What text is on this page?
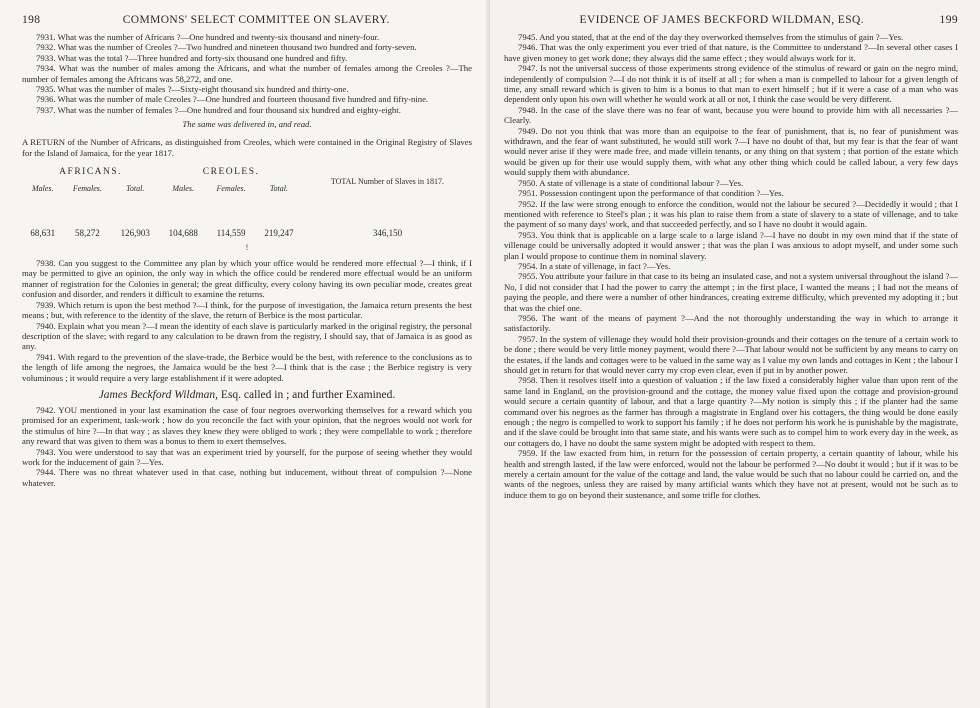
198	COMMONS' SELECT COMMITTEE ON SLAVERY.

7931. What was the number of Africans ?—One hundred and twenty-six thousand and ninety-four.

7932. What was the number of Creoles ?—Two hundred and nineteen thousand two hundred and forty-seven.

7933. What was the total ?—Three hundred and forty-six thousand one hundred and fifty.

7934. What was the number of males among the Africans, and what the number of females among the Creoles ?—The number of females among the Africans was 58,272, and one.

7935. What was the number of males ?—Sixty-eight thousand six hundred and thirty-one.

7936. What was the number of male Creoles ?—One hundred and fourteen thousand five hundred and fifty-nine.

7937. What was the number of females ?—One hundred and four thousand six hundred and eighty-eight.

The same was delivered in, and read.
A RETURN of the Number of Africans, as distinguished from Creoles, which were contained in the Original Registry of Slaves for the Island of Jamaica, for the year 1817.
AFRICANS.			CREOLES.			TOTAL Number of Slaves in 1817.
Males.	Females.	Total.	Males.	Females.	Total.	
68,631	58,272	126,903	104,688	114,559	219,247	346,150
!

7938. Can you suggest to the Committee any plan by which your office would be rendered more effectual ?—I think, if I may be permitted to give an opinion, the only way in which the office could be rendered more effectual would be an uniform manner of registration for the Colonies in general; the great difficulty, every colony having its own peculiar mode, creates great confusion and disorder, and renders it difficult to examine the returns.

7939. Which return is upon the best method ?—I think, for the purpose of investigation, the Jamaica return presents the best means ; but, with reference to the identity of the slave, the return of Berbice is the most particular.

7940. Explain what you mean ?—I mean the identity of each slave is particularly marked in the original registry, the personal description of the slave; with regard to any calculation to be drawn from the registry, I should say, that of Jamaica is as good as any.

7941. With regard to the prevention of the slave-trade, the Berbice would be the best, with reference to the conclusions as to the length of life among the negroes, the Jamaica would be the best ?—I think that is the case ; the Berbice registry is very voluminous ; it would require a very large establishment if it were adopted.

James Beckford Wildman, Esq. called in ; and further Examined.

7942. YOU mentioned in your last examination the case of four negroes overworking themselves for a reward which you promised for an experiment, task-work ; how do you reconcile the fact with your opinion, that the negroes would not work for the stimulus of hire ?—In that way ; as slaves they knew they were obliged to work ; they were compellable to work ; therefore any reward that was given to them was a bonus to them to exert themselves.

7943. You were understood to say that was an experiment tried by yourself, for the purpose of seeing whether they would work for the inducement of gain ?—Yes.

7944. There was no threat whatever used in that case, nothing but inducement, without threat of compulsion ?—None whatever.

EVIDENCE OF JAMES BECKFORD WILDMAN, ESQ.	199

7945. And you stated, that at the end of the day they overworked themselves from the stimulus of gain ?—Yes.

7946. That was the only experiment you ever tried of that nature, is the Committee to understand ?—In several other cases I have given money to get work done; they always did the same effect ; they would always work for it.

7947. Is not the universal success of those experiments strong evidence of the stimulus of reward or gain on the negro mind, independently of compulsion ?—I do not think it is of itself at all ; for when a man is compelled to labour for a given length of time, any small reward which is given to him is a bonus to that man to exert himself ; but if it were a case of a man who was dependent only upon his own will whether he would work at all or not, I think the case would be very different.

7948. In the case of the slave there was no fear of want, because you were bound to provide him with all necessaries ?—Clearly.

7949. Do not you think that was more than an equipoise to the fear of punishment, that is, no fear of punishment was withdrawn, and the fear of want substituted, he would still work ?—I have no doubt of that, but my fear is that the fear of want would never arise if they were made free, and made villein tenants, or any thing on that system ; that portion of the estate which would be given up for their use would supply them, with what any other thing which could be called labour, a very few days would supply them with abundance.

7950. A state of villenage is a state of conditional labour ?—Yes.

7951. Possession contingent upon the performance of that condition ?—Yes.

7952. If the law were strong enough to enforce the condition, would not the labour be secured ?—Decidedly it would ; that I mentioned with reference to Steel's plan ; it was his plan to raise them from a state of slavery to a state of villenage, and to take the payment of so many days' work, and that succeeded perfectly, and so I have no doubt it would again.

7953. You think that is applicable on a large scale to a large island ?—I have no doubt in my own mind that if the state of villenage could be universally adopted it would answer ; that was the plan I was anxious to adopt myself, and under some such plan I would propose to continue them in nominal slavery.

7954. In a state of villenage, in fact ?—Yes.

7955. You attribute your failure in that case to its being an insulated case, and not a system universal throughout the island ?—No, I did not consider that I had the power to carry the attempt ; in the first place, I wanted the means ; I had not the means of paying the people, and there were a number of other hindrances, creating extreme difficulty, which prevented my adopting it ; but that was the chief one.

7956. The want of the means of payment ?—And the not thoroughly understanding the way in which to arrange it satisfactorily.

7957. In the system of villenage they would hold their provision-grounds and their cottages on the tenure of a certain work to be done ; there would be very little money payment, would there ?—That labour would not be sufficient by any means to carry on the estates, if the lands and cottages were to be valued in the same way as I value my own lands and cottages in Kent ; the labour I should get in return for that would never carry my crop even clear, even if put in by another power.

7958. Then it resolves itself into a question of valuation ; if the law fixed a considerably higher value than upon rent of the same land in England, on the provision-ground and the cottage, the money value fixed upon the cottage and provision-ground would secure a certain quantity of labour, and that a large quantity ?—My notion is simply this ; if the planter had the same command over his negroes as the farmer has through a magistrate in England over his cottagers, the thing would be done easily enough ; the negro is compelled to work to support his family ; if he does not perform his work he is punishable by the magistrate, and if the slave could be brought into that same state, and his wants were such as to compel him to work every day in the week, as our cottagers do, I have no doubt the same system might be adopted with respect to them.

7959. If the law exacted from him, in return for the possession of certain property, a certain quantity of labour, while his health and strength lasted, if the law were enforced, would not the labour be performed ?—No doubt it would ; but if it was to be merely a certain amount for the value of the cottage and land, the value would be such that no labour could be carried on, and the wants of the negroes, unless they are raised by many artificial wants which they have not at present, would not be such as to induce them to go on beyond their sustenance, and some trifle for clothes.
